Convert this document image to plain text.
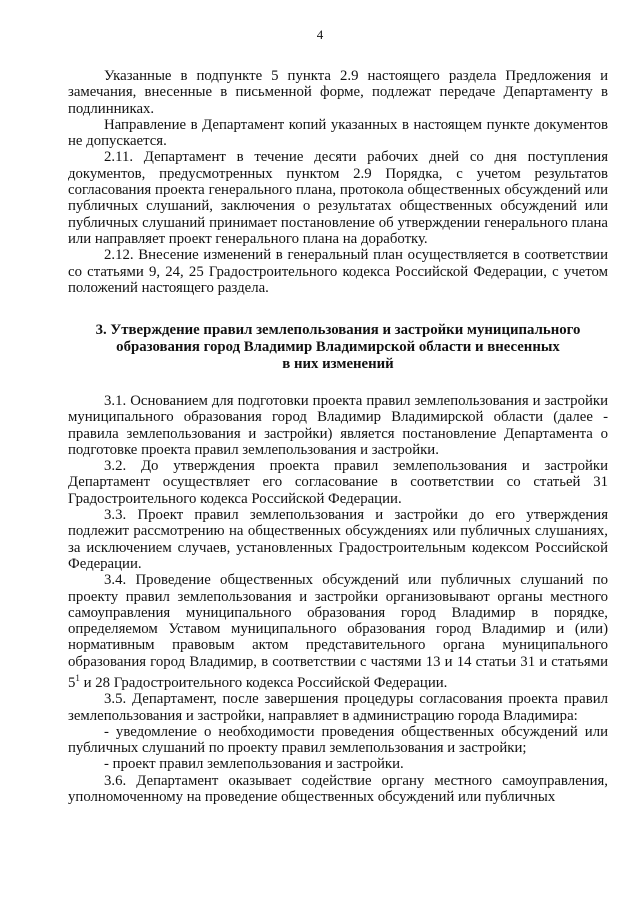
4

Указанные в подпункте 5 пункта 2.9 настоящего раздела Предложения и замечания, внесенные в письменной форме, подлежат передаче Департаменту в подлинниках.

Направление в Департамент копий указанных в настоящем пункте документов не допускается.

2.11. Департамент в течение десяти рабочих дней со дня поступления документов, предусмотренных пунктом 2.9 Порядка, с учетом результатов согласования проекта генерального плана, протокола общественных обсуждений или публичных слушаний, заключения о результатах общественных обсуждений или публичных слушаний принимает постановление об утверждении генерального плана или направляет проект генерального плана на доработку.

2.12. Внесение изменений в генеральный план осуществляется в соответствии со статьями 9, 24, 25 Градостроительного кодекса Российской Федерации, с учетом положений настоящего раздела.

3. Утверждение правил землепользования и застройки муниципального

образования город Владимир Владимирской области и внесенных

в них изменений

3.1. Основанием для подготовки проекта правил землепользования и застройки муниципального образования город Владимир Владимирской области (далее - правила землепользования и застройки) является постановление Департамента о подготовке проекта правил землепользования и застройки.

3.2. До утверждения проекта правил землепользования и застройки Департамент осуществляет его согласование в соответствии со статьей 31 Градостроительного кодекса Российской Федерации.

3.3. Проект правил землепользования и застройки до его утверждения подлежит рассмотрению на общественных обсуждениях или публичных слушаниях, за исключением случаев, установленных Градостроительным кодексом Российской Федерации.

3.4. Проведение общественных обсуждений или публичных слушаний по проекту правил землепользования и застройки организовывают органы местного самоуправления муниципального образования город Владимир в порядке, определяемом Уставом муниципального образования город Владимир и (или) нормативным правовым актом представительного органа муниципального образования город Владимир, в соответствии с частями 13 и 14 статьи 31 и статьями $5^1$ и 28 Градостроительного кодекса Российской Федерации.

3.5. Департамент, после завершения процедуры согласования проекта правил землепользования и застройки, направляет в администрацию города Владимира:

- уведомление о необходимости проведения общественных обсуждений или публичных слушаний по проекту правил землепользования и застройки;

- проект правил землепользования и застройки.

3.6. Департамент оказывает содействие органу местного самоуправления, уполномоченному на проведение общественных обсуждений или публичных
